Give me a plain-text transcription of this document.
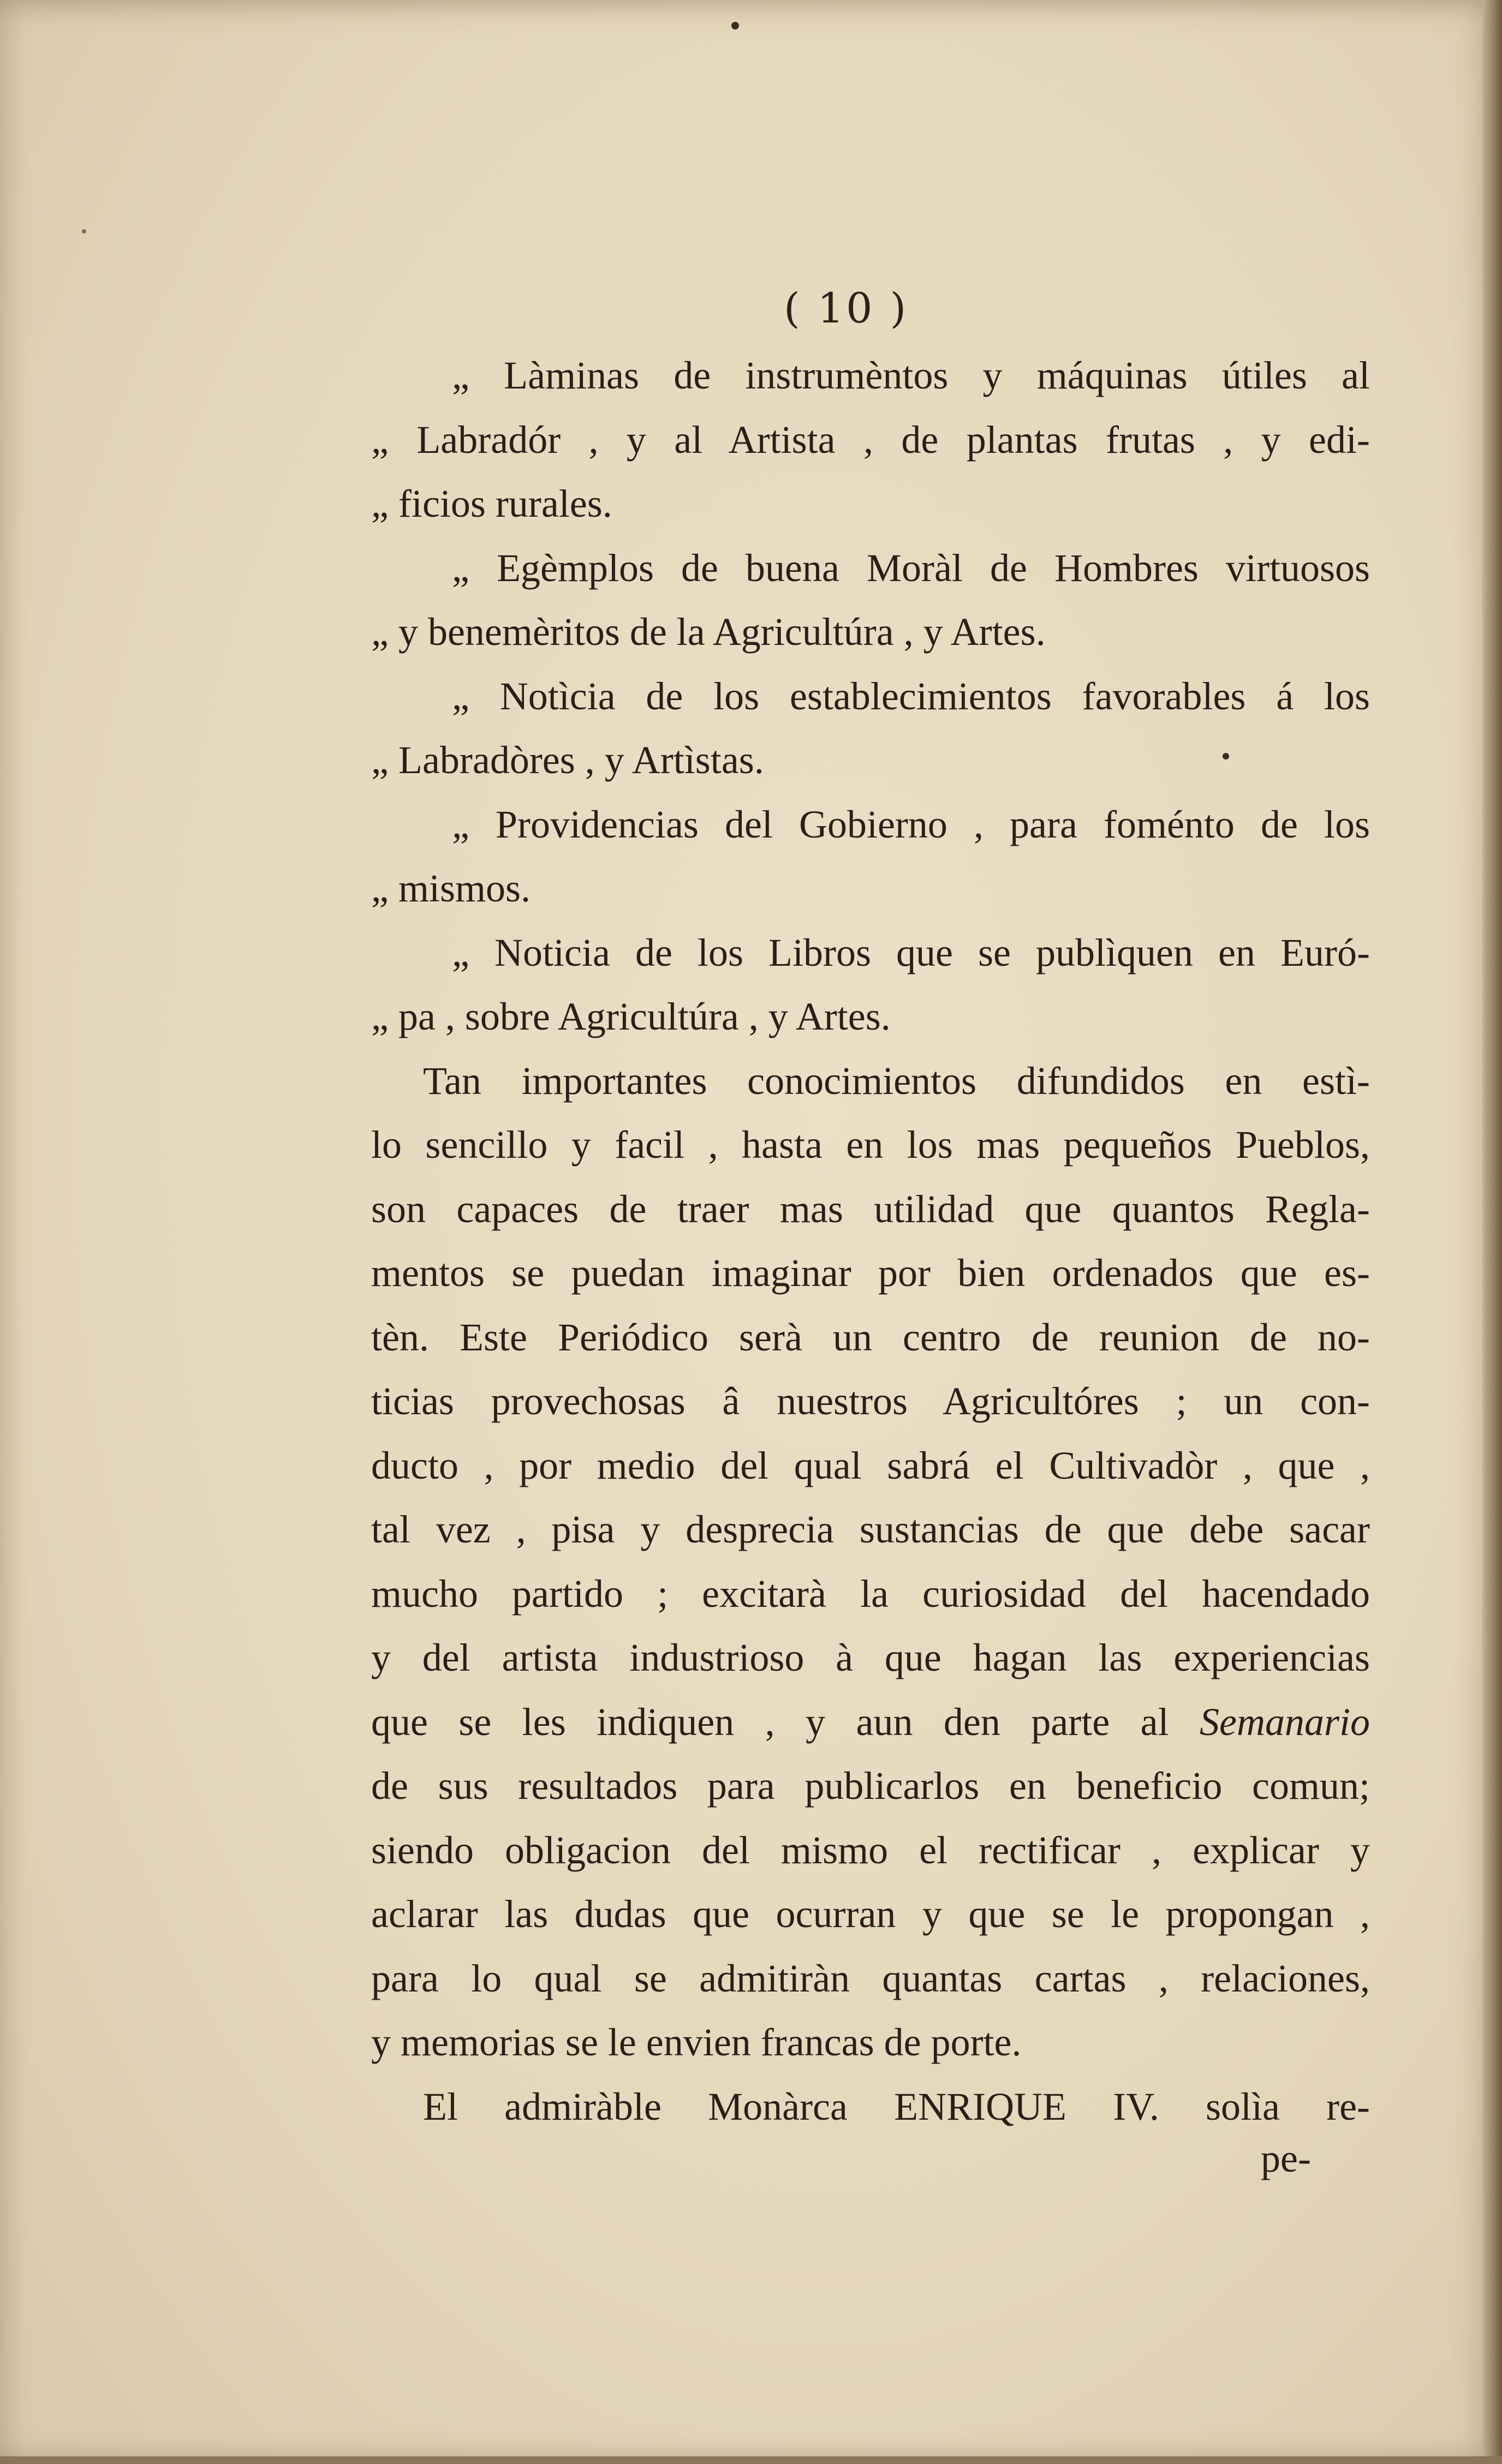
( 10 )
„ Làminas de instrumèntos y máquinas útiles al
„ Labradór , y al Artista , de plantas frutas , y edi-
„ ficios rurales.
„ Egèmplos de buena Moràl de Hombres virtuosos
„ y benemèritos de la Agricultúra , y Artes.
„ Notìcia de los establecimientos favorables á los
„ Labradòres , y Artìstas.
„ Providencias del Gobierno , para foménto de los
„ mismos.
„ Noticia de los Libros que se publìquen en Euró-
„ pa , sobre Agricultúra , y Artes.
Tan importantes conocimientos difundidos en estì-
lo sencillo y facil , hasta en los mas pequeños Pueblos,
son capaces de traer mas utilidad que quantos Regla-
mentos se puedan imaginar por bien ordenados que es-
tèn. Este Periódico serà un centro de reunion de no-
ticias provechosas â nuestros Agricultóres ; un con-
ducto , por medio del qual sabrá el Cultivadòr , que ,
tal vez , pisa y desprecia sustancias de que debe sacar
mucho partido ; excitarà la curiosidad del hacendado
y del artista industrioso à que hagan las experiencias
que se les indiquen , y aun den parte al Semanario
de sus resultados para publicarlos en beneficio comun;
siendo obligacion del mismo el rectificar , explicar y
aclarar las dudas que ocurran y que se le propongan ,
para lo qual se admitiràn quantas cartas , relaciones,
y memorias se le envien francas de porte.
El admiràble Monàrca ENRIQUE IV. solìa re-
pe-
